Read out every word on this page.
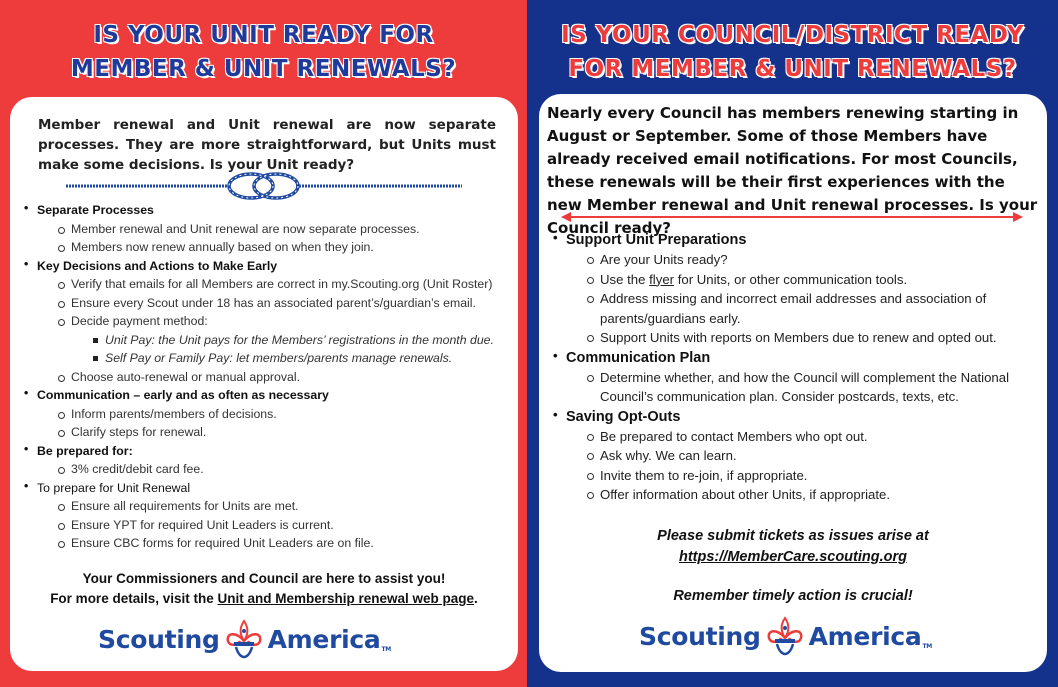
IS YOUR UNIT READY FOR
MEMBER & UNIT RENEWALS?

Member renewal and Unit renewal are now separate processes. They are more straightforward, but Units must make some decisions. Is your Unit ready?

• Separate Processes
Member renewal and Unit renewal are now separate processes.
Members now renew annually based on when they join.
• Key Decisions and Actions to Make Early
Verify that emails for all Members are correct in my.Scouting.org (Unit Roster)
Ensure every Scout under 18 has an associated parent’s/guardian’s email.
Decide payment method:
Unit Pay: the Unit pays for the Members’ registrations in the month due.
Self Pay or Family Pay: let members/parents manage renewals.
Choose auto-renewal or manual approval.
• Communication – early and as often as necessary
Inform parents/members of decisions.
Clarify steps for renewal.
• Be prepared for:
3% credit/debit card fee.
• To prepare for Unit Renewal
Ensure all requirements for Units are met.
Ensure YPT for required Unit Leaders is current.
Ensure CBC forms for required Unit Leaders are on file.
Your Commissioners and Council are here to assist you!
For more details, visit the Unit and Membership renewal web page.
Scouting America TM
IS YOUR COUNCIL/DISTRICT READY
FOR MEMBER & UNIT RENEWALS?

Nearly every Council has members renewing starting in August or September. Some of those Members have already received email notifications. For most Councils, these renewals will be their first experiences with the new Member renewal and Unit renewal processes. Is your Council ready?

• Support Unit Preparations
Are your Units ready?
Use the flyer for Units, or other communication tools.
Address missing and incorrect email addresses and association of parents/guardians early.
Support Units with reports on Members due to renew and opted out.
• Communication Plan
Determine whether, and how the Council will complement the National Council’s communication plan. Consider postcards, texts, etc.
• Saving Opt-Outs
Be prepared to contact Members who opt out.
Ask why. We can learn.
Invite them to re-join, if appropriate.
Offer information about other Units, if appropriate.
Please submit tickets as issues arise at
https://MemberCare.scouting.org
Remember timely action is crucial!
Scouting America TM
